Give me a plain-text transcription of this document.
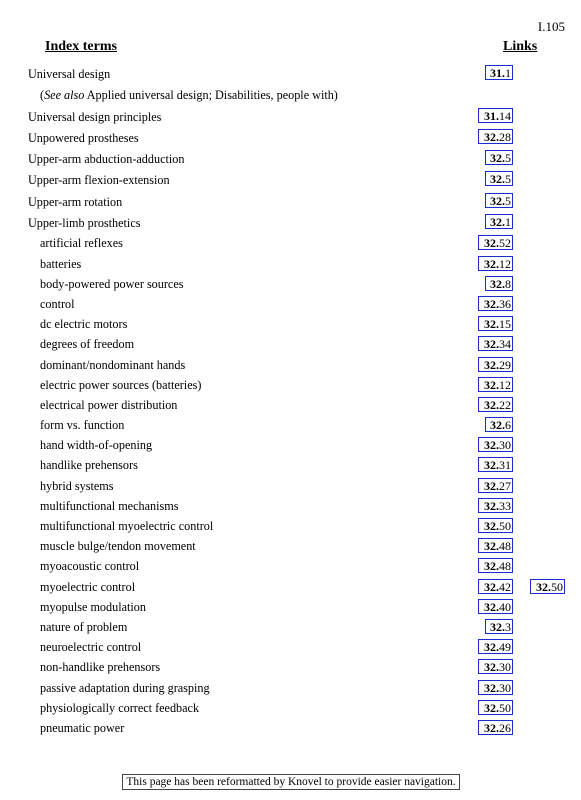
I.105
Index terms	Links
Universal design	31.1
(See also Applied universal design; Disabilities, people with)
Universal design principles	31.14
Unpowered prostheses	32.28
Upper-arm abduction-adduction	32.5
Upper-arm flexion-extension	32.5
Upper-arm rotation	32.5
Upper-limb prosthetics	32.1
artificial reflexes	32.52
batteries	32.12
body-powered power sources	32.8
control	32.36
dc electric motors	32.15
degrees of freedom	32.34
dominant/nondominant hands	32.29
electric power sources (batteries)	32.12
electrical power distribution	32.22
form vs. function	32.6
hand width-of-opening	32.30
handlike prehensors	32.31
hybrid systems	32.27
multifunctional mechanisms	32.33
multifunctional myoelectric control	32.50
muscle bulge/tendon movement	32.48
myoacoustic control	32.48
myoelectric control	32.42	32.50
myopulse modulation	32.40
nature of problem	32.3
neuroelectric control	32.49
non-handlike prehensors	32.30
passive adaptation during grasping	32.30
physiologically correct feedback	32.50
pneumatic power	32.26
This page has been reformatted by Knovel to provide easier navigation.
